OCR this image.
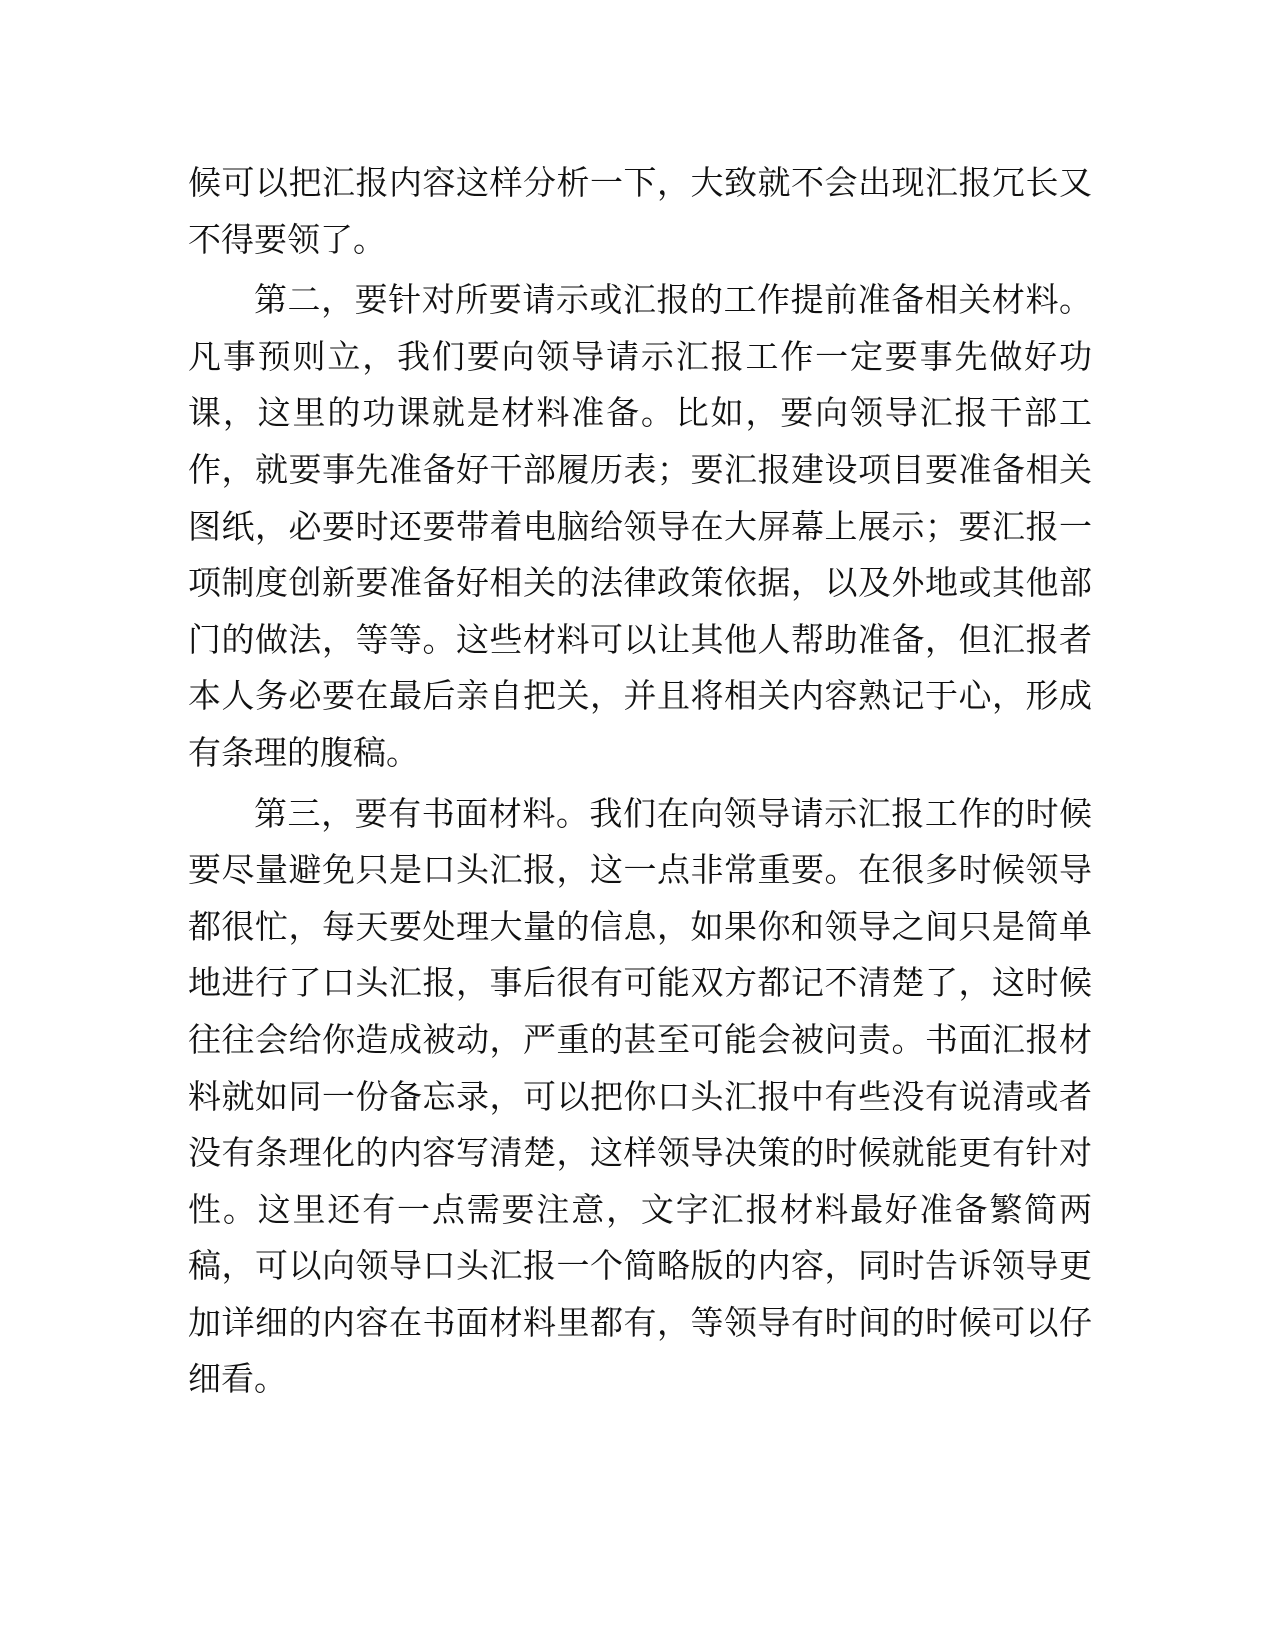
候可以把汇报内容这样分析一下，大致就不会出现汇报冗长又不得要领了。

第二，要针对所要请示或汇报的工作提前准备相关材料。凡事预则立，我们要向领导请示汇报工作一定要事先做好功课，这里的功课就是材料准备。比如，要向领导汇报干部工作，就要事先准备好干部履历表；要汇报建设项目要准备相关图纸，必要时还要带着电脑给领导在大屏幕上展示；要汇报一项制度创新要准备好相关的法律政策依据，以及外地或其他部门的做法，等等。这些材料可以让其他人帮助准备，但汇报者本人务必要在最后亲自把关，并且将相关内容熟记于心，形成有条理的腹稿。

第三，要有书面材料。我们在向领导请示汇报工作的时候要尽量避免只是口头汇报，这一点非常重要。在很多时候领导都很忙，每天要处理大量的信息，如果你和领导之间只是简单地进行了口头汇报，事后很有可能双方都记不清楚了，这时候往往会给你造成被动，严重的甚至可能会被问责。书面汇报材料就如同一份备忘录，可以把你口头汇报中有些没有说清或者没有条理化的内容写清楚，这样领导决策的时候就能更有针对性。这里还有一点需要注意，文字汇报材料最好准备繁简两稿，可以向领导口头汇报一个简略版的内容，同时告诉领导更加详细的内容在书面材料里都有，等领导有时间的时候可以仔细看。
